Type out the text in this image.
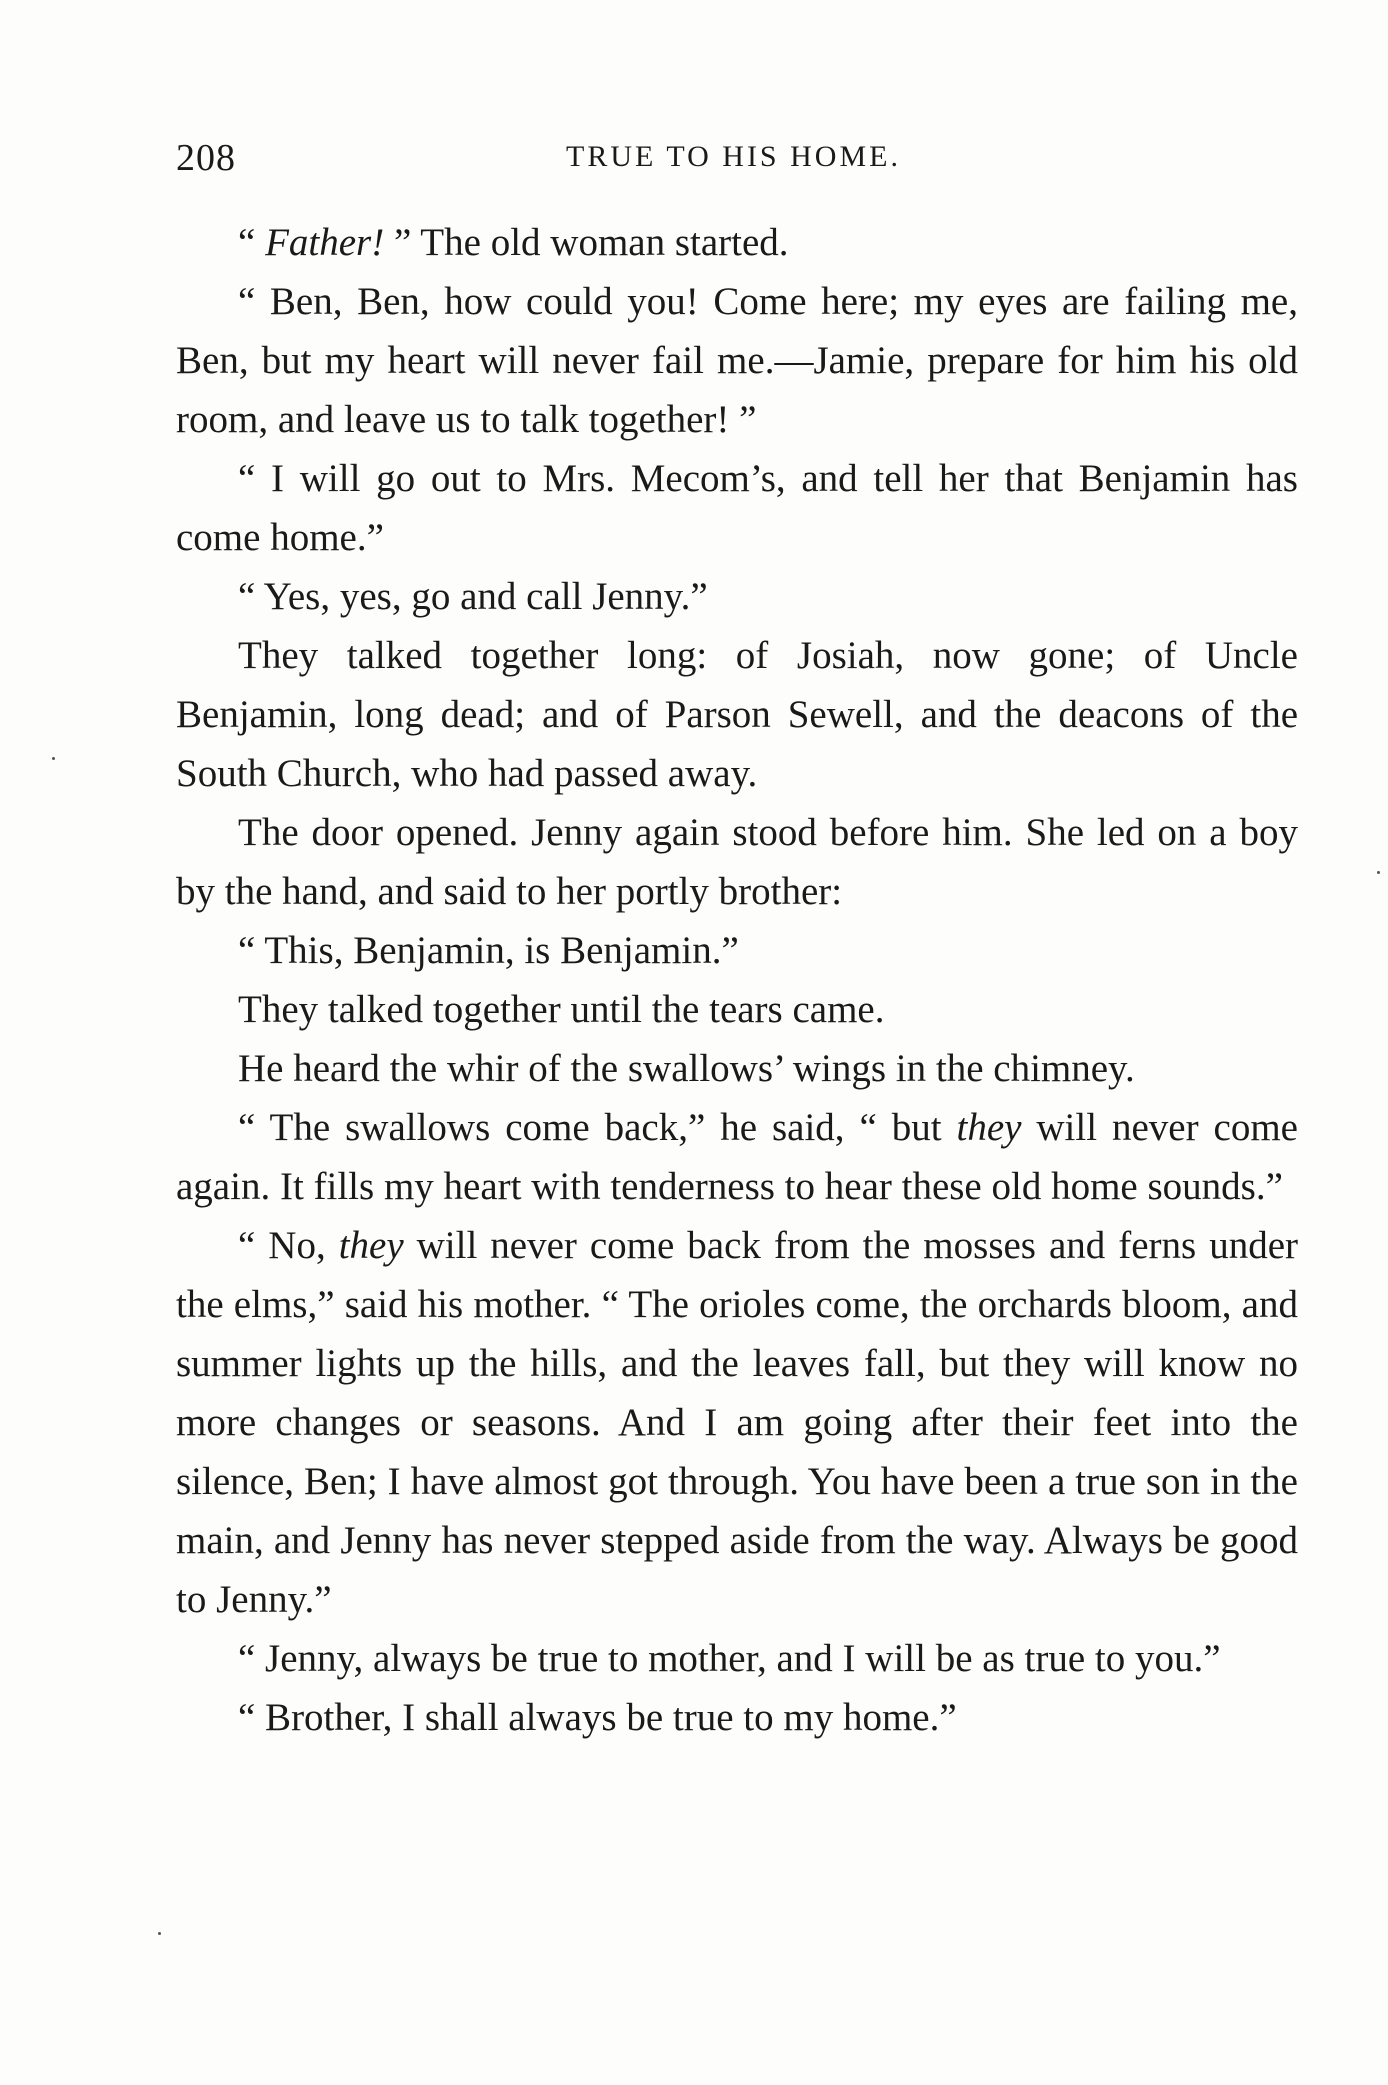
208	TRUE TO HIS HOME.

“ Father! ” The old woman started.

“ Ben, Ben, how could you! Come here; my eyes are failing me, Ben, but my heart will never fail me.—Jamie, prepare for him his old room, and leave us to talk together! ”

“ I will go out to Mrs. Mecom’s, and tell her that Benjamin has come home.”

“ Yes, yes, go and call Jenny.”

They talked together long: of Josiah, now gone; of Uncle Benjamin, long dead; and of Parson Sewell, and the deacons of the South Church, who had passed away.

The door opened. Jenny again stood before him. She led on a boy by the hand, and said to her portly brother:

“ This, Benjamin, is Benjamin.”

They talked together until the tears came.

He heard the whir of the swallows’ wings in the chimney.

“ The swallows come back,” he said, “ but they will never come again. It fills my heart with tenderness to hear these old home sounds.”

“ No, they will never come back from the mosses and ferns under the elms,” said his mother. “ The orioles come, the orchards bloom, and summer lights up the hills, and the leaves fall, but they will know no more changes or seasons. And I am going after their feet into the silence, Ben; I have almost got through. You have been a true son in the main, and Jenny has never stepped aside from the way. Always be good to Jenny.”

“ Jenny, always be true to mother, and I will be as true to you.”

“ Brother, I shall always be true to my home.”
